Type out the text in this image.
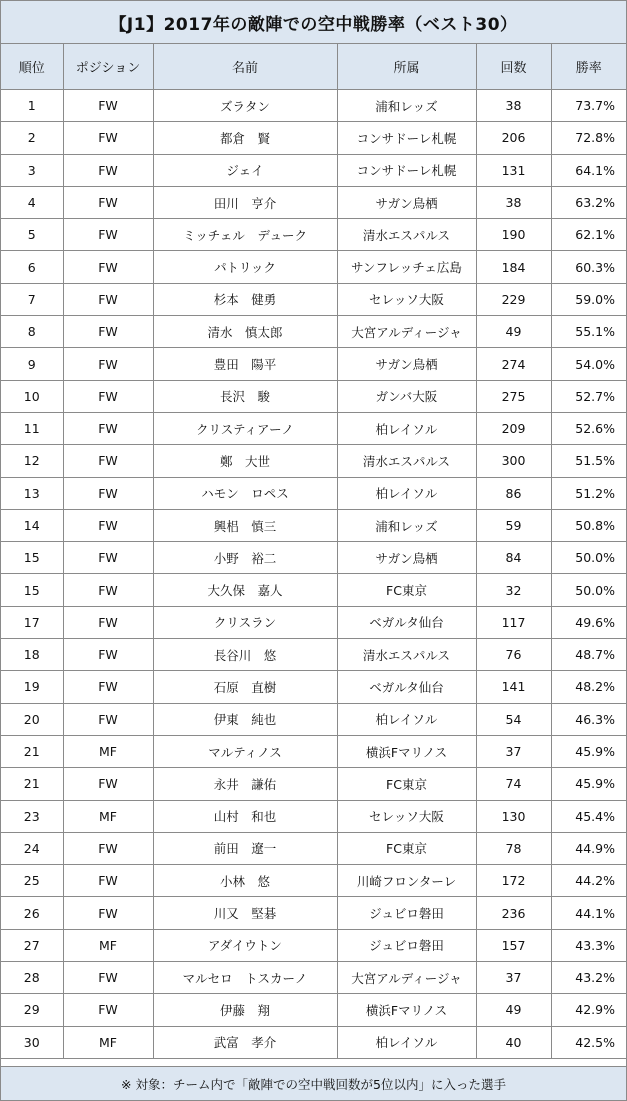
【J1】2017年の敵陣での空中戦勝率（ベスト30）
順位	ポジション	名前	所属	回数	勝率
1	FW	ズラタン	浦和レッズ	38	73.7%
2	FW	都倉　賢	コンサドーレ札幌	206	72.8%
3	FW	ジェイ	コンサドーレ札幌	131	64.1%
4	FW	田川　亨介	サガン鳥栖	38	63.2%
5	FW	ミッチェル　デューク	清水エスパルス	190	62.1%
6	FW	パトリック	サンフレッチェ広島	184	60.3%
7	FW	杉本　健勇	セレッソ大阪	229	59.0%
8	FW	清水　慎太郎	大宮アルディージャ	49	55.1%
9	FW	豊田　陽平	サガン鳥栖	274	54.0%
10	FW	長沢　駿	ガンバ大阪	275	52.7%
11	FW	クリスティアーノ	柏レイソル	209	52.6%
12	FW	鄭　大世	清水エスパルス	300	51.5%
13	FW	ハモン　ロペス	柏レイソル	86	51.2%
14	FW	興梠　慎三	浦和レッズ	59	50.8%
15	FW	小野　裕二	サガン鳥栖	84	50.0%
15	FW	大久保　嘉人	FC東京	32	50.0%
17	FW	クリスラン	ベガルタ仙台	117	49.6%
18	FW	長谷川　悠	清水エスパルス	76	48.7%
19	FW	石原　直樹	ベガルタ仙台	141	48.2%
20	FW	伊東　純也	柏レイソル	54	46.3%
21	MF	マルティノス	横浜Fマリノス	37	45.9%
21	FW	永井　謙佑	FC東京	74	45.9%
23	MF	山村　和也	セレッソ大阪	130	45.4%
24	FW	前田　遼一	FC東京	78	44.9%
25	FW	小林　悠	川崎フロンターレ	172	44.2%
26	FW	川又　堅碁	ジュビロ磐田	236	44.1%
27	MF	アダイウトン	ジュビロ磐田	157	43.3%
28	FW	マルセロ　トスカーノ	大宮アルディージャ	37	43.2%
29	FW	伊藤　翔	横浜Fマリノス	49	42.9%
30	MF	武富　孝介	柏レイソル	40	42.5%
※ 対象：チーム内で「敵陣での空中戦回数が5位以内」に入った選手
